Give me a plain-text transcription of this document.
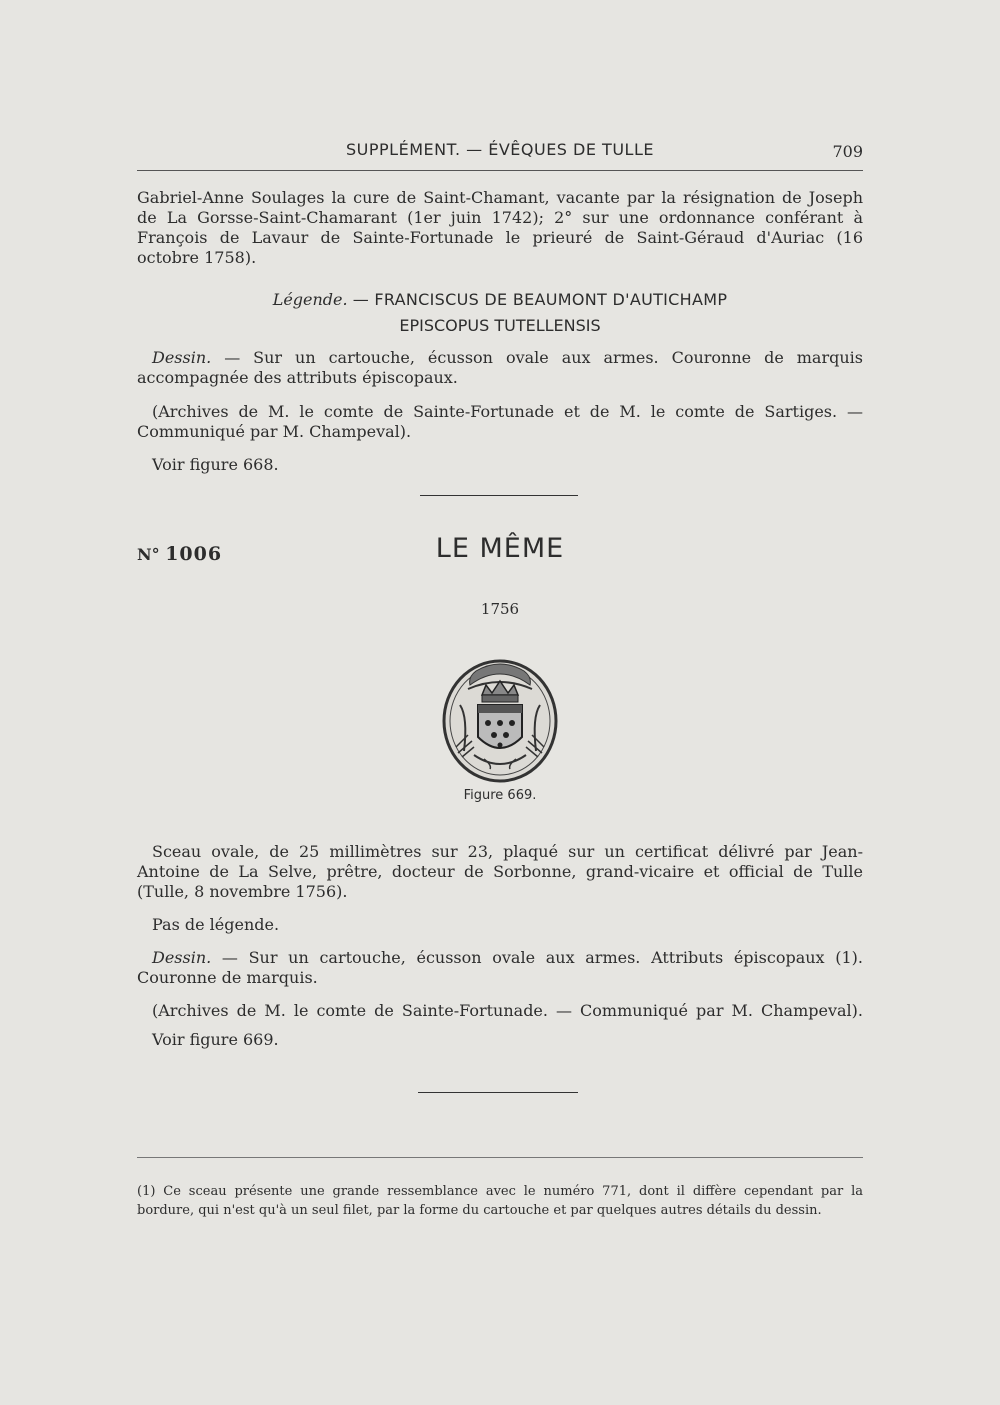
SUPPLÉMENT. — ÉVÊQUES DE TULLE	709
Gabriel-Anne Soulages la cure de Saint-Chamant, vacante par la résignation de Joseph
de La Gorsse-Saint-Chamarant (1er juin 1742); 2° sur une ordonnance conférant à
François de Lavaur de Sainte-Fortunade le prieuré de Saint-Géraud d'Auriac (16
octobre 1758).
Légende. — FRANCISCUS DE BEAUMONT D'AUTICHAMP
EPISCOPUS TUTELLENSIS
Dessin. — Sur un cartouche, écusson ovale aux armes. Couronne de marquis
accompagnée des attributs épiscopaux.
(Archives de M. le comte de Sainte-Fortunade et de M. le comte de Sartiges. —
Communiqué par M. Champeval).
Voir figure 668.
N° 1006	LE MÊME
1756
Figure 669.
Sceau ovale, de 25 millimètres sur 23, plaqué sur un certificat délivré par Jean-
Antoine de La Selve, prêtre, docteur de Sorbonne, grand-vicaire et official de Tulle
(Tulle, 8 novembre 1756).
Pas de légende.
Dessin. — Sur un cartouche, écusson ovale aux armes. Attributs épiscopaux (1).
Couronne de marquis.
(Archives de M. le comte de Sainte-Fortunade. — Communiqué par M. Champeval).
Voir figure 669.
(1) Ce sceau présente une grande ressemblance avec le numéro 771, dont il diffère cependant par la bordure, qui n'est qu'à un seul filet, par la forme du cartouche et par quelques autres détails du dessin.
